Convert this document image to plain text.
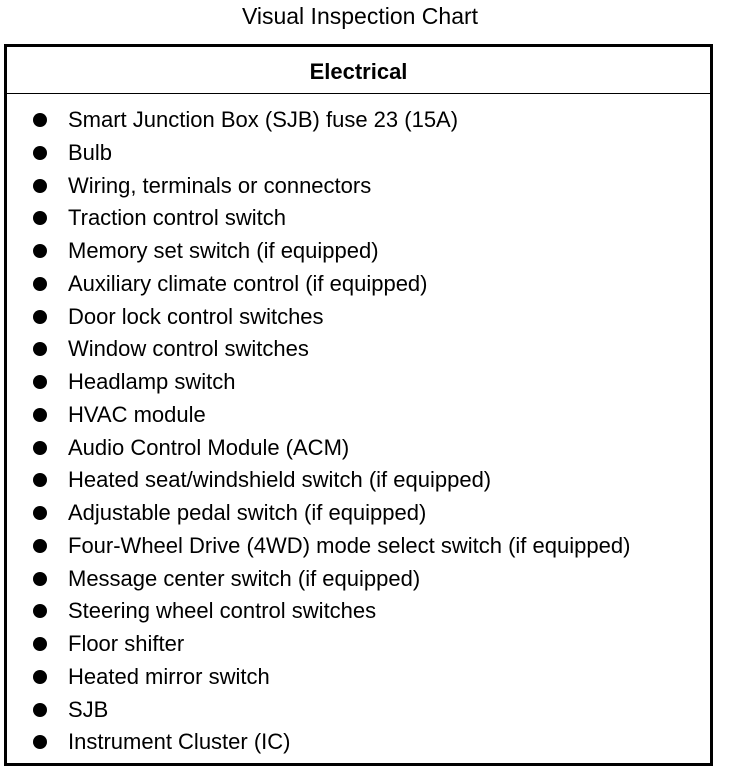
Visual Inspection Chart
Electrical
Smart Junction Box (SJB) fuse 23 (15A)
Bulb
Wiring, terminals or connectors
Traction control switch
Memory set switch (if equipped)
Auxiliary climate control (if equipped)
Door lock control switches
Window control switches
Headlamp switch
HVAC module
Audio Control Module (ACM)
Heated seat/windshield switch (if equipped)
Adjustable pedal switch (if equipped)
Four-Wheel Drive (4WD) mode select switch (if equipped)
Message center switch (if equipped)
Steering wheel control switches
Floor shifter
Heated mirror switch
SJB
Instrument Cluster (IC)
